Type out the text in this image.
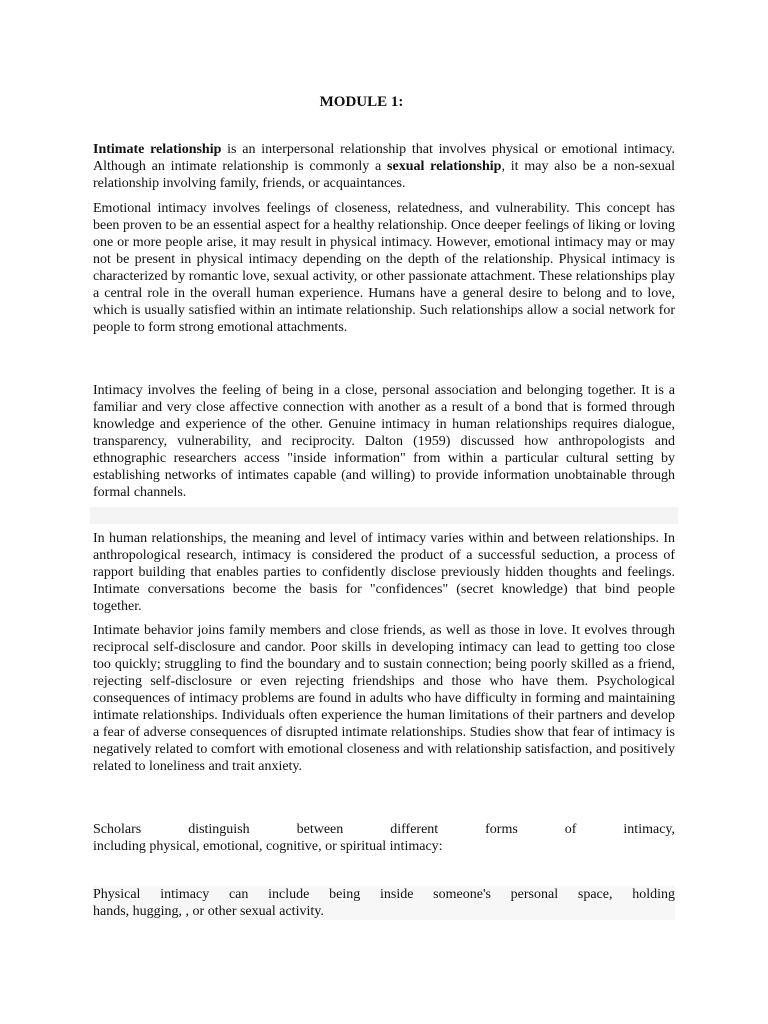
MODULE 1:

Intimate relationship is an interpersonal relationship that involves physical or emotional intimacy. Although an intimate relationship is commonly a sexual relationship, it may also be a non-sexual relationship involving family, friends, or acquaintances.

Emotional intimacy involves feelings of closeness, relatedness, and vulnerability. This concept has been proven to be an essential aspect for a healthy relationship. Once deeper feelings of liking or loving one or more people arise, it may result in physical intimacy. However, emotional intimacy may or may not be present in physical intimacy depending on the depth of the relationship. Physical intimacy is characterized by romantic love, sexual activity, or other passionate attachment. These relationships play a central role in the overall human experience. Humans have a general desire to belong and to love, which is usually satisfied within an intimate relationship. Such relationships allow a social network for people to form strong emotional attachments.

Intimacy involves the feeling of being in a close, personal association and belonging together. It is a familiar and very close affective connection with another as a result of a bond that is formed through knowledge and experience of the other. Genuine intimacy in human relationships requires dialogue, transparency, vulnerability, and reciprocity. Dalton (1959) discussed how anthropologists and ethnographic researchers access "inside information" from within a particular cultural setting by establishing networks of intimates capable (and willing) to provide information unobtainable through formal channels.

In human relationships, the meaning and level of intimacy varies within and between relationships. In anthropological research, intimacy is considered the product of a successful seduction, a process of rapport building that enables parties to confidently disclose previously hidden thoughts and feelings. Intimate conversations become the basis for "confidences" (secret knowledge) that bind people together.

Intimate behavior joins family members and close friends, as well as those in love. It evolves through reciprocal self-disclosure and candor. Poor skills in developing intimacy can lead to getting too close too quickly; struggling to find the boundary and to sustain connection; being poorly skilled as a friend, rejecting self-disclosure or even rejecting friendships and those who have them. Psychological consequences of intimacy problems are found in adults who have difficulty in forming and maintaining intimate relationships. Individuals often experience the human limitations of their partners and develop a fear of adverse consequences of disrupted intimate relationships. Studies show that fear of intimacy is negatively related to comfort with emotional closeness and with relationship satisfaction, and positively related to loneliness and trait anxiety.

Scholars distinguish between different forms of intimacy,
including physical, emotional, cognitive, or spiritual intimacy:
Physical intimacy can include being inside someone's personal space, holding
hands, hugging, , or other sexual activity.
